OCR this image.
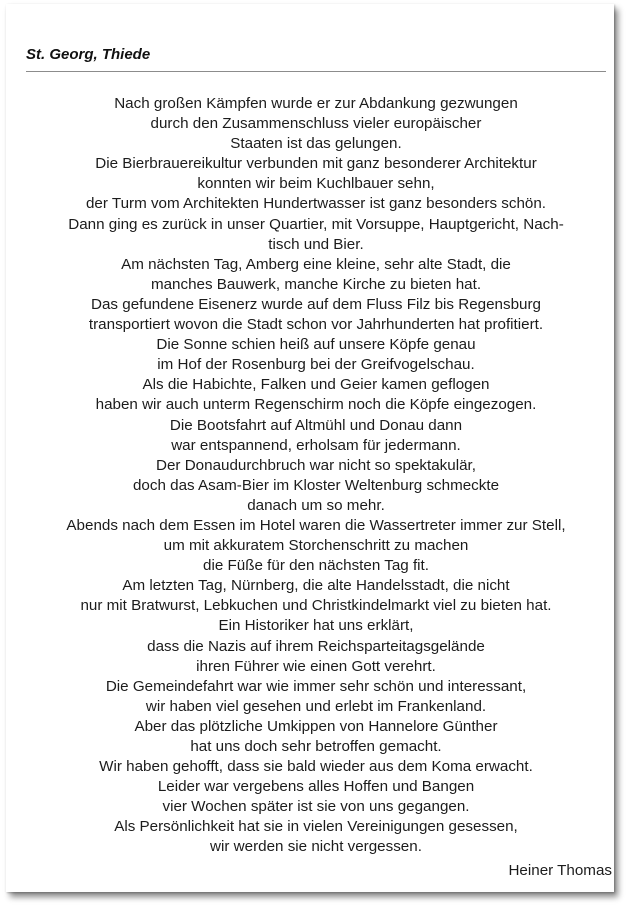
St. Georg, Thiede
Nach großen Kämpfen wurde er zur Abdankung gezwungen
durch den Zusammenschluss vieler europäischer
Staaten ist das gelungen.
Die Bierbrauereikultur verbunden mit ganz besonderer Architektur
konnten wir beim Kuchlbauer sehn,
der Turm vom Architekten Hundertwasser ist ganz besonders schön.
Dann ging es zurück in unser Quartier, mit Vorsuppe, Hauptgericht, Nach-
tisch und Bier.
Am nächsten Tag, Amberg eine kleine, sehr alte Stadt, die
manches Bauwerk, manche Kirche zu bieten hat.
Das gefundene Eisenerz wurde auf dem Fluss Filz bis Regensburg
transportiert wovon die Stadt schon vor Jahrhunderten hat profitiert.
Die Sonne schien heiß auf unsere Köpfe genau
im Hof der Rosenburg bei der Greifvogelschau.
Als die Habichte, Falken und Geier kamen geflogen
haben wir auch unterm Regenschirm noch die Köpfe eingezogen.
Die Bootsfahrt auf Altmühl und Donau dann
war entspannend, erholsam für jedermann.
Der Donaudurchbruch war nicht so spektakulär,
doch das Asam-Bier im Kloster Weltenburg schmeckte
danach um so mehr.
Abends nach dem Essen im Hotel waren die Wassertreter immer zur Stell,
um mit akkuratem Storchenschritt zu machen
die Füße für den nächsten Tag fit.
Am letzten Tag, Nürnberg, die alte Handelsstadt, die nicht
nur mit Bratwurst, Lebkuchen und Christkindelmarkt viel zu bieten hat.
Ein Historiker hat uns erklärt,
dass die Nazis auf ihrem Reichsparteitagsgelände
ihren Führer wie einen Gott verehrt.
Die Gemeindefahrt war wie immer sehr schön und interessant,
wir haben viel gesehen und erlebt im Frankenland.
Aber das plötzliche Umkippen von Hannelore Günther
hat uns doch sehr betroffen gemacht.
Wir haben gehofft, dass sie bald wieder aus dem Koma erwacht.
Leider war vergebens alles Hoffen und Bangen
vier Wochen später ist sie von uns gegangen.
Als Persönlichkeit hat sie in vielen Vereinigungen gesessen,
wir werden sie nicht vergessen.
Heiner Thomas
